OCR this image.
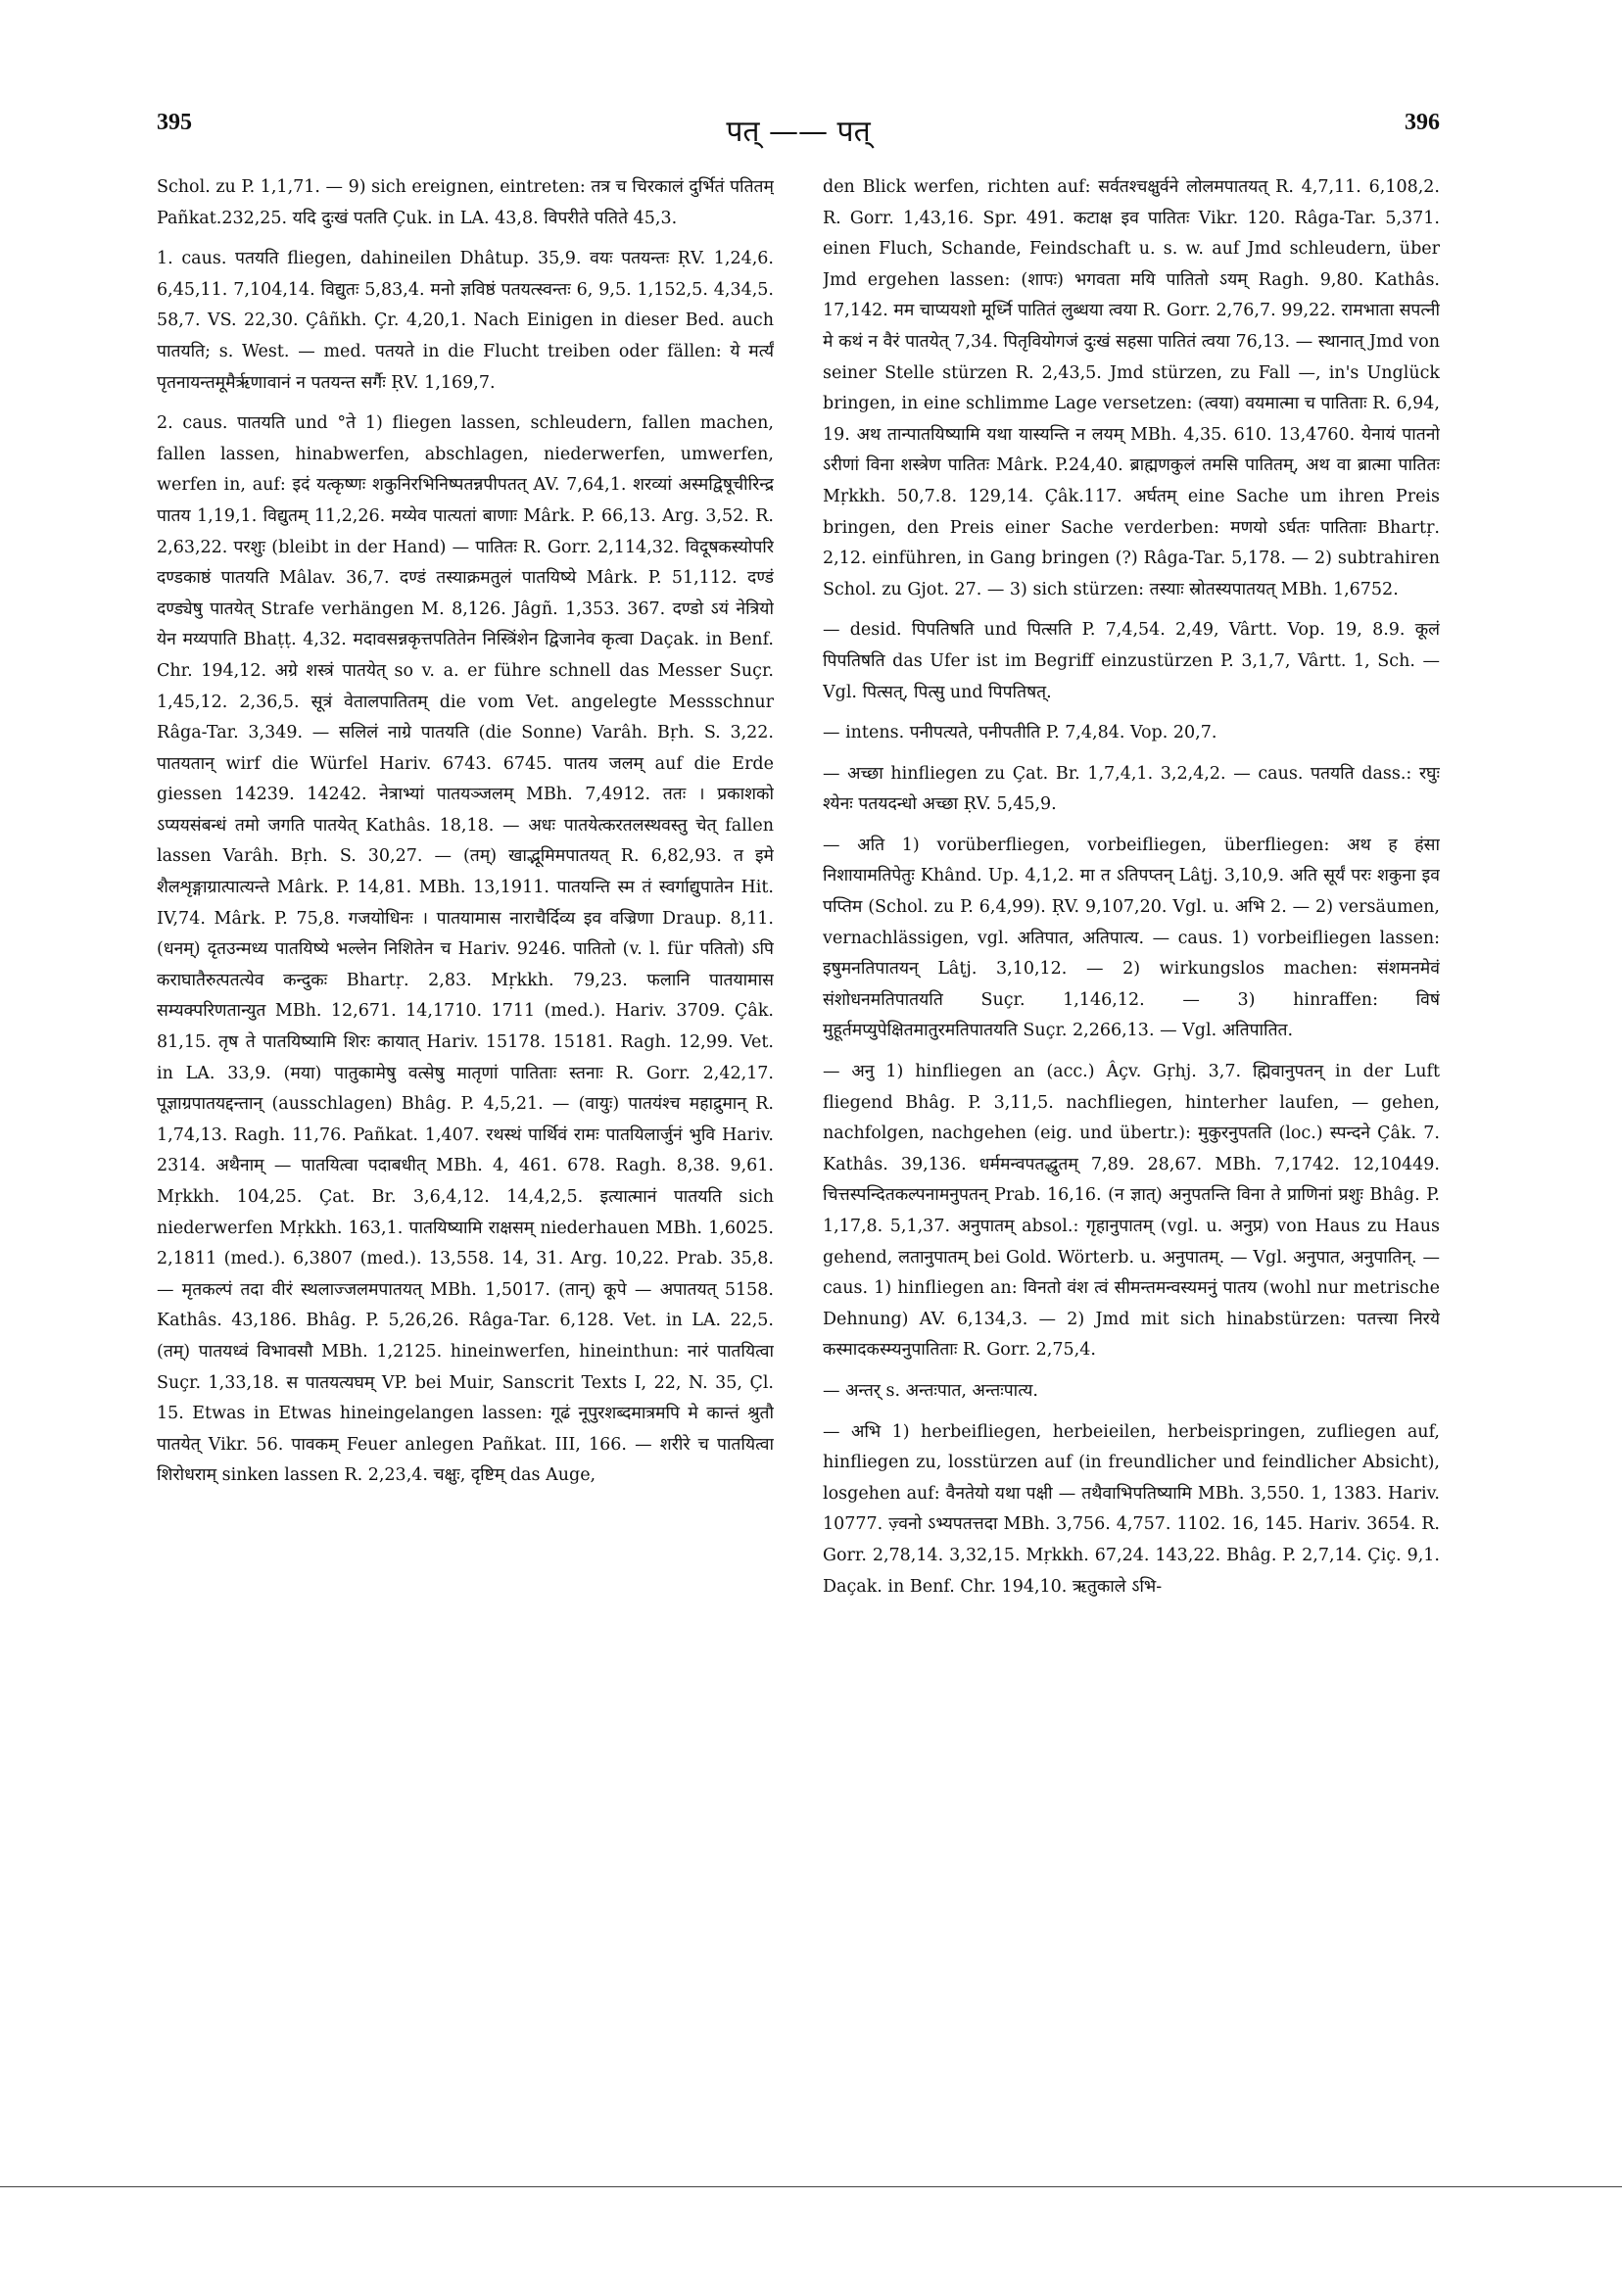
395	पत् —— पत्	396

Schol. zu P. 1,1,71. — 9) sich ereignen, eintreten: तत्र च चिरकालं दुर्भितं पतितम् Pañkat.232,25. यदि दुःखं पतति Çuk. in LA. 43,8. विपरीते पतिते 45,3.

1. caus. पतयति fliegen, dahineilen Dhâtup. 35,9. वयः पतयन्तः ṚV. 1,24,6. 6,45,11. 7,104,14. विद्युतः 5,83,4. मनो ज्ञविष्ठं पतयत्स्वन्तः 6, 9,5. 1,152,5. 4,34,5. 58,7. VS. 22,30. Çâñkh. Çr. 4,20,1. Nach Einigen in dieser Bed. auch पातयति; s. West. — med. पतयते in die Flucht treiben oder fällen: ये मर्त्यं पृतनायन्तमूमैर्ऋणावानं न पतयन्त सर्गैः ṚV. 1,169,7.

2. caus. पातयति und °ते 1) fliegen lassen, schleudern, fallen machen, fallen lassen, hinabwerfen, abschlagen, niederwerfen, umwerfen, werfen in, auf: इदं यत्कृष्णः शकुनिरभिनिष्पतन्नपीपतत् AV. 7,64,1. शरव्यां अस्मद्विषूचीरिन्द्र पातय 1,19,1. विद्युतम् 11,2,26. मय्येव पात्यतां बाणाः Mârk. P. 66,13. Arg. 3,52. R. 2,63,22. परशुः (bleibt in der Hand) — पातितः R. Gorr. 2,114,32. विदूषकस्योपरि दण्डकाष्ठं पातयति Mâlav. 36,7. दण्डं तस्याक्रमतुलं पातयिष्ये Mârk. P. 51,112. दण्डं दण्ड्येषु पातयेत् Strafe verhängen M. 8,126. Jâgñ. 1,353. 367. दण्डो ऽयं नेत्रियो येन मय्यपाति Bhaṭṭ. 4,32. मदावसन्नकृत्तपतितेन निस्त्रिंशेन द्विजानेव कृत्वा Daçak. in Benf. Chr. 194,12. अग्रे शस्त्रं पातयेत् so v. a. er führe schnell das Messer Suçr. 1,45,12. 2,36,5. सूत्रं वेतालपातितम् die vom Vet. angelegte Messschnur Râga-Tar. 3,349. — सलिलं नाग्रे पातयति (die Sonne) Varâh. Bṛh. S. 3,22. पातयतान् wirf die Würfel Hariv. 6743. 6745. पातय जलम् auf die Erde giessen 14239. 14242. नेत्राभ्यां पातयञ्जलम् MBh. 7,4912. ततः । प्रकाशको ऽप्ययसंबन्धं तमो जगति पातयेत् Kathâs. 18,18. — अधः पातयेत्करतलस्थवस्तु चेत् fallen lassen Varâh. Bṛh. S. 30,27. — (तम्) खाद्भूमिमपातयत् R. 6,82,93. त इमे शैलशृङ्गाग्रात्पात्यन्ते Mârk. P. 14,81. MBh. 13,1911. पातयन्ति स्म तं स्वर्गाद्युपातेन Hit. IV,74. Mârk. P. 75,8. गजयोधिनः । पातयामास नाराचैर्दिव्य इव वज्रिणा Draup. 8,11. (धनम्) दृतउन्मध्य पातयिष्ये भल्लेन निशितेन च Hariv. 9246. पातितो (v. l. für पतितो) ऽपि कराघातैरुत्पतत्येव कन्दुकः Bhartṛ. 2,83. Mṛkkh. 79,23. फलानि पातयामास सम्यक्परिणतान्युत MBh. 12,671. 14,1710. 1711 (med.). Hariv. 3709. Çâk. 81,15. तृष ते पातयिष्यामि शिरः कायात् Hariv. 15178. 15181. Ragh. 12,99. Vet. in LA. 33,9. (मया) पातुकामेषु वत्सेषु मातृणां पातिताः स्तनाः R. Gorr. 2,42,17. पूज्ञाग्रपातयद्दन्तान् (ausschlagen) Bhâg. P. 4,5,21. — (वायुः) पातयंश्च महाद्रुमान् R. 1,74,13. Ragh. 11,76. Pañkat. 1,407. रथस्थं पार्थिवं रामः पातयिलार्जुनं भुवि Hariv. 2314. अथैनाम् — पातयित्वा पदाबधीत् MBh. 4, 461. 678. Ragh. 8,38. 9,61. Mṛkkh. 104,25. Çat. Br. 3,6,4,12. 14,4,2,5. इत्यात्मानं पातयति sich niederwerfen Mṛkkh. 163,1. पातयिष्यामि राक्षसम् niederhauen MBh. 1,6025. 2,1811 (med.). 6,3807 (med.). 13,558. 14, 31. Arg. 10,22. Prab. 35,8. — मृतकल्पं तदा वीरं स्थलाज्जलमपातयत् MBh. 1,5017. (तान्) कूपे — अपातयत् 5158. Kathâs. 43,186. Bhâg. P. 5,26,26. Râga-Tar. 6,128. Vet. in LA. 22,5. (तम्) पातयध्वं विभावसौ MBh. 1,2125. hineinwerfen, hineinthun: नारं पातयित्वा Suçr. 1,33,18. स पातयत्यघम् VP. bei Muir, Sanscrit Texts I, 22, N. 35, Çl. 15. Etwas in Etwas hineingelangen lassen: गूढं नूपुरशब्दमात्रमपि मे कान्तं श्रुतौ पातयेत् Vikr. 56. पावकम् Feuer anlegen Pañkat. III, 166. — शरीरे च पातयित्वा शिरोधराम् sinken lassen R. 2,23,4. चक्षुः, दृष्टिम् das Auge,

den Blick werfen, richten auf: सर्वतश्चक्षुर्वने लोलमपातयत् R. 4,7,11. 6,108,2. R. Gorr. 1,43,16. Spr. 491. कटाक्ष इव पातितः Vikr. 120. Râga-Tar. 5,371. einen Fluch, Schande, Feindschaft u. s. w. auf Jmd schleudern, über Jmd ergehen lassen: (शापः) भगवता मयि पातितो ऽयम् Ragh. 9,80. Kathâs. 17,142. मम चाप्ययशो मूर्ध्नि पातितं लुब्धया त्वया R. Gorr. 2,76,7. 99,22. रामभाता सपत्नी मे कथं न वैरं पातयेत् 7,34. पितृवियोगजं दुःखं सहसा पातितं त्वया 76,13. — स्थानात् Jmd von seiner Stelle stürzen R. 2,43,5. Jmd stürzen, zu Fall —, in's Unglück bringen, in eine schlimme Lage versetzen: (त्वया) वयमात्मा च पातिताः R. 6,94, 19. अथ तान्पातयिष्यामि यथा यास्यन्ति न लयम् MBh. 4,35. 610. 13,4760. येनायं पातनो ऽरीणां विना शस्त्रेण पातितः Mârk. P.24,40. ब्राह्मणकुलं तमसि पातितम्, अथ वा ब्रात्मा पातितः Mṛkkh. 50,7.8. 129,14. Çâk.117. अर्घतम् eine Sache um ihren Preis bringen, den Preis einer Sache verderben: मणयो ऽर्घतः पातिताः Bhartṛ. 2,12. einführen, in Gang bringen (?) Râga-Tar. 5,178. — 2) subtrahiren Schol. zu Gjot. 27. — 3) sich stürzen: तस्याः स्रोतस्यपातयत् MBh. 1,6752.

— desid. पिपतिषति und पित्सति P. 7,4,54. 2,49, Vârtt. Vop. 19, 8.9. कूलं पिपतिषति das Ufer ist im Begriff einzustürzen P. 3,1,7, Vârtt. 1, Sch. — Vgl. पित्सत्, पित्सु und पिपतिषत्.

— intens. पनीपत्यते, पनीपतीति P. 7,4,84. Vop. 20,7.

— अच्छा hinfliegen zu Çat. Br. 1,7,4,1. 3,2,4,2. — caus. पतयति dass.: रघुः श्येनः पतयदन्धो अच्छा ṚV. 5,45,9.

— अति 1) vorüberfliegen, vorbeifliegen, überfliegen: अथ ह हंसा निशायामतिपेतुः Khând. Up. 4,1,2. मा त ऽतिपप्तन् Lâṭj. 3,10,9. अति सूर्यं परः शकुना इव पप्तिम (Schol. zu P. 6,4,99). ṚV. 9,107,20. Vgl. u. अभि 2. — 2) versäumen, vernachlässigen, vgl. अतिपात, अतिपात्य. — caus. 1) vorbeifliegen lassen: इषुमनतिपातयन् Lâṭj. 3,10,12. — 2) wirkungslos machen: संशमनमेवं संशोधनमतिपातयति Suçr. 1,146,12. — 3) hinraffen: विषं मुहूर्तमप्युपेक्षितमातुरमतिपातयति Suçr. 2,266,13. — Vgl. अतिपातित.

— अनु 1) hinfliegen an (acc.) Âçv. Gṛhj. 3,7. ह्मिवानुपतन् in der Luft fliegend Bhâg. P. 3,11,5. nachfliegen, hinterher laufen, — gehen, nachfolgen, nachgehen (eig. und übertr.): मुकुरनुपतति (loc.) स्पन्दने Çâk. 7. Kathâs. 39,136. धर्ममन्वपतद्धुतम् 7,89. 28,67. MBh. 7,1742. 12,10449. चित्तस्पन्दितकल्पनामनुपतन् Prab. 16,16. (न ज्ञात्) अनुपतन्ति विना ते प्राणिनां प्रशुः Bhâg. P. 1,17,8. 5,1,37. अनुपातम् absol.: गृहानुपातम् (vgl. u. अनुप्र) von Haus zu Haus gehend, लतानुपातम् bei Gold. Wörterb. u. अनुपातम्. — Vgl. अनुपात, अनुपातिन्. — caus. 1) hinfliegen an: विनतो वंश त्वं सीमन्तमन्वस्यमनुं पातय (wohl nur metrische Dehnung) AV. 6,134,3. — 2) Jmd mit sich hinabstürzen: पतत्त्या निरये कस्मादकस्म्यनुपातिताः R. Gorr. 2,75,4.

— अन्तर् s. अन्तःपात, अन्तःपात्य.

— अभि 1) herbeifliegen, herbeieilen, herbeispringen, zufliegen auf, hinfliegen zu, losstürzen auf (in freundlicher und feindlicher Absicht), losgehen auf: वैनतेयो यथा पक्षी — तथैवाभिपतिष्यामि MBh. 3,550. 1, 1383. Hariv. 10777. ज़्वनो ऽभ्यपतत्तदा MBh. 3,756. 4,757. 1102. 16, 145. Hariv. 3654. R. Gorr. 2,78,14. 3,32,15. Mṛkkh. 67,24. 143,22. Bhâg. P. 2,7,14. Çiç. 9,1. Daçak. in Benf. Chr. 194,10. ऋतुकाले ऽभि-
